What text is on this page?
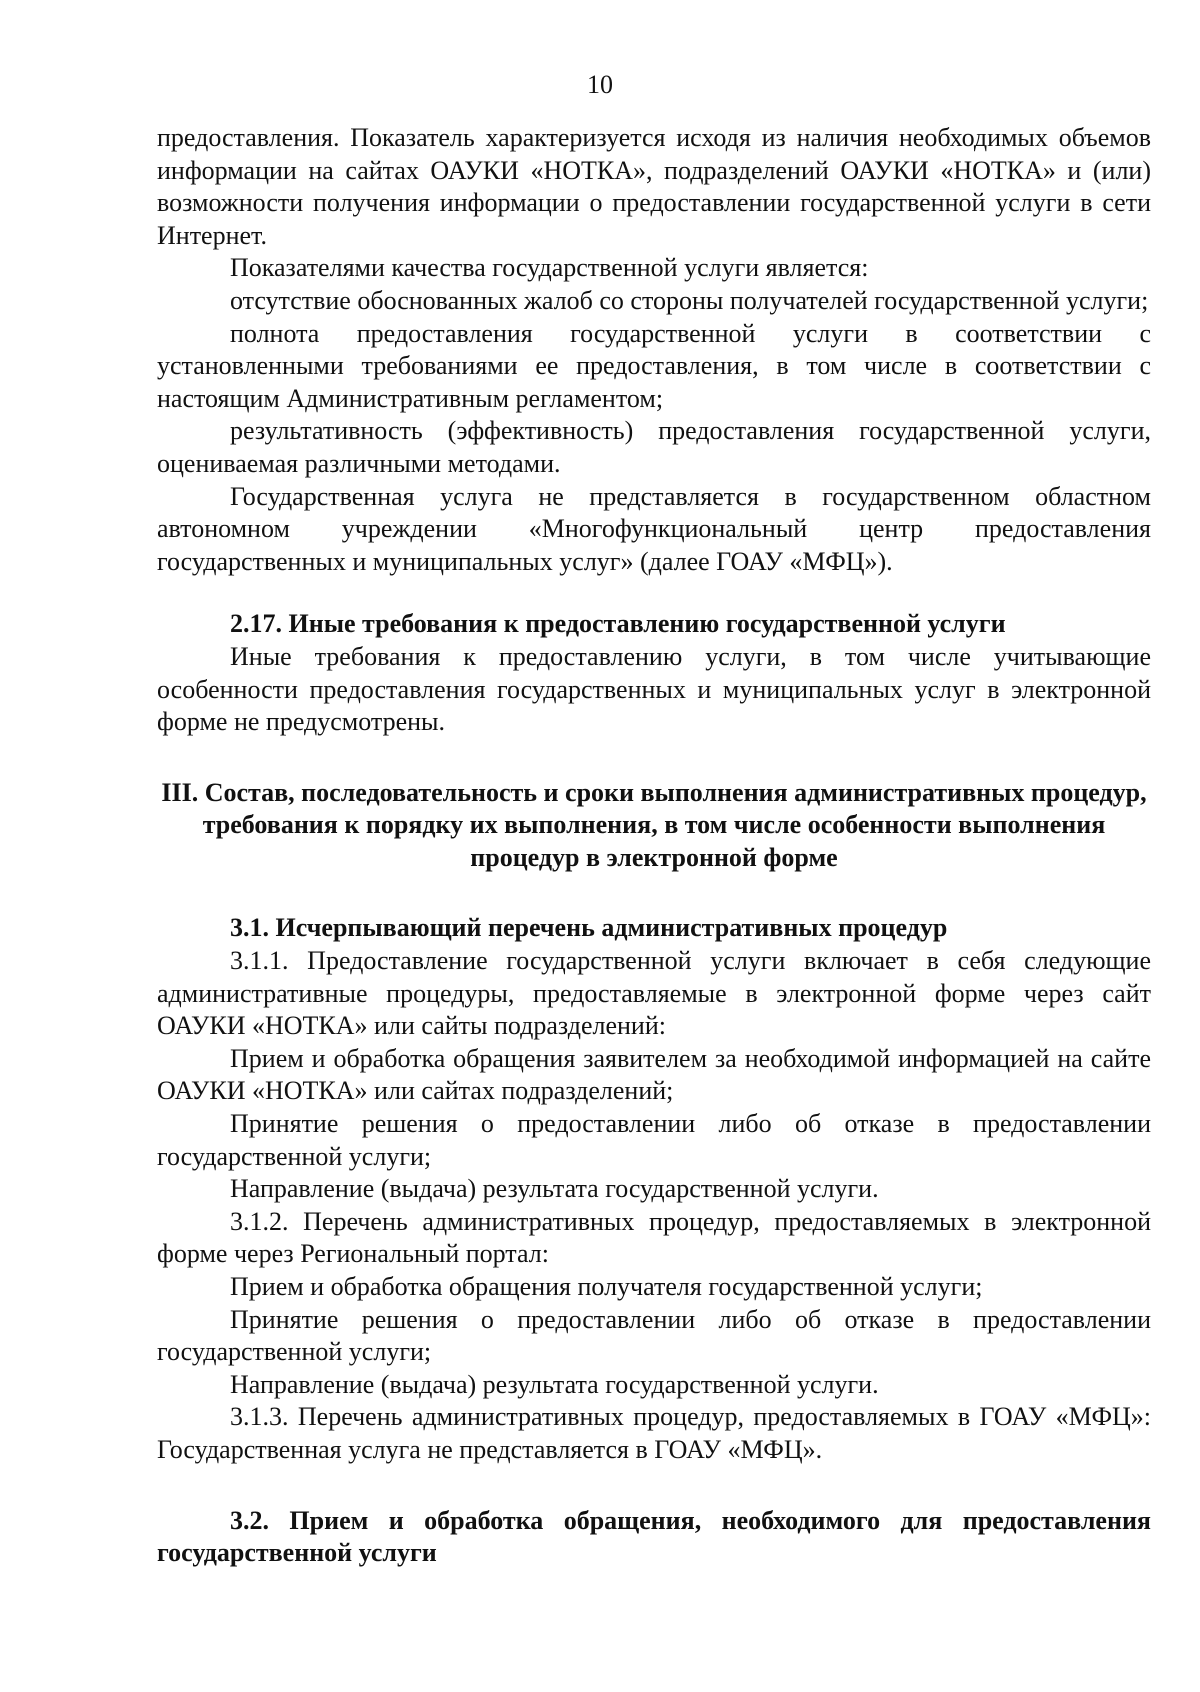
10

предоставления. Показатель характеризуется исходя из наличия необходимых объемов информации на сайтах ОАУКИ «НОТКА», подразделений ОАУКИ «НОТКА» и (или) возможности получения информации о предоставлении государственной услуги в сети Интернет.

Показателями качества государственной услуги является:

отсутствие обоснованных жалоб со стороны получателей государственной услуги;

полнота предоставления государственной услуги в соответствии с установленными требованиями ее предоставления, в том числе в соответствии с настоящим Административным регламентом;

результативность (эффективность) предоставления государственной услуги, оцениваемая различными методами.

Государственная услуга не представляется в государственном областном автономном учреждении «Многофункциональный центр предоставления государственных и муниципальных услуг» (далее ГОАУ «МФЦ»).

2.17. Иные требования к предоставлению государственной услуги

Иные требования к предоставлению услуги, в том числе учитывающие особенности предоставления государственных и муниципальных услуг в электронной форме не предусмотрены.

III. Состав, последовательность и сроки выполнения административных процедур, требования к порядку их выполнения, в том числе особенности выполнения процедур в электронной форме

3.1. Исчерпывающий перечень административных процедур

3.1.1. Предоставление государственной услуги включает в себя следующие административные процедуры, предоставляемые в электронной форме через сайт ОАУКИ «НОТКА» или сайты подразделений:

Прием и обработка обращения заявителем за необходимой информацией на сайте ОАУКИ «НОТКА» или сайтах подразделений;

Принятие решения о предоставлении либо об отказе в предоставлении государственной услуги;

Направление (выдача) результата государственной услуги.

3.1.2. Перечень административных процедур, предоставляемых в электронной форме через Региональный портал:

Прием и обработка обращения получателя государственной услуги;

Принятие решения о предоставлении либо об отказе в предоставлении государственной услуги;

Направление (выдача) результата государственной услуги.

3.1.3. Перечень административных процедур, предоставляемых в ГОАУ «МФЦ»: Государственная услуга не представляется в ГОАУ «МФЦ».

3.2. Прием и обработка обращения, необходимого для предоставления государственной услуги
